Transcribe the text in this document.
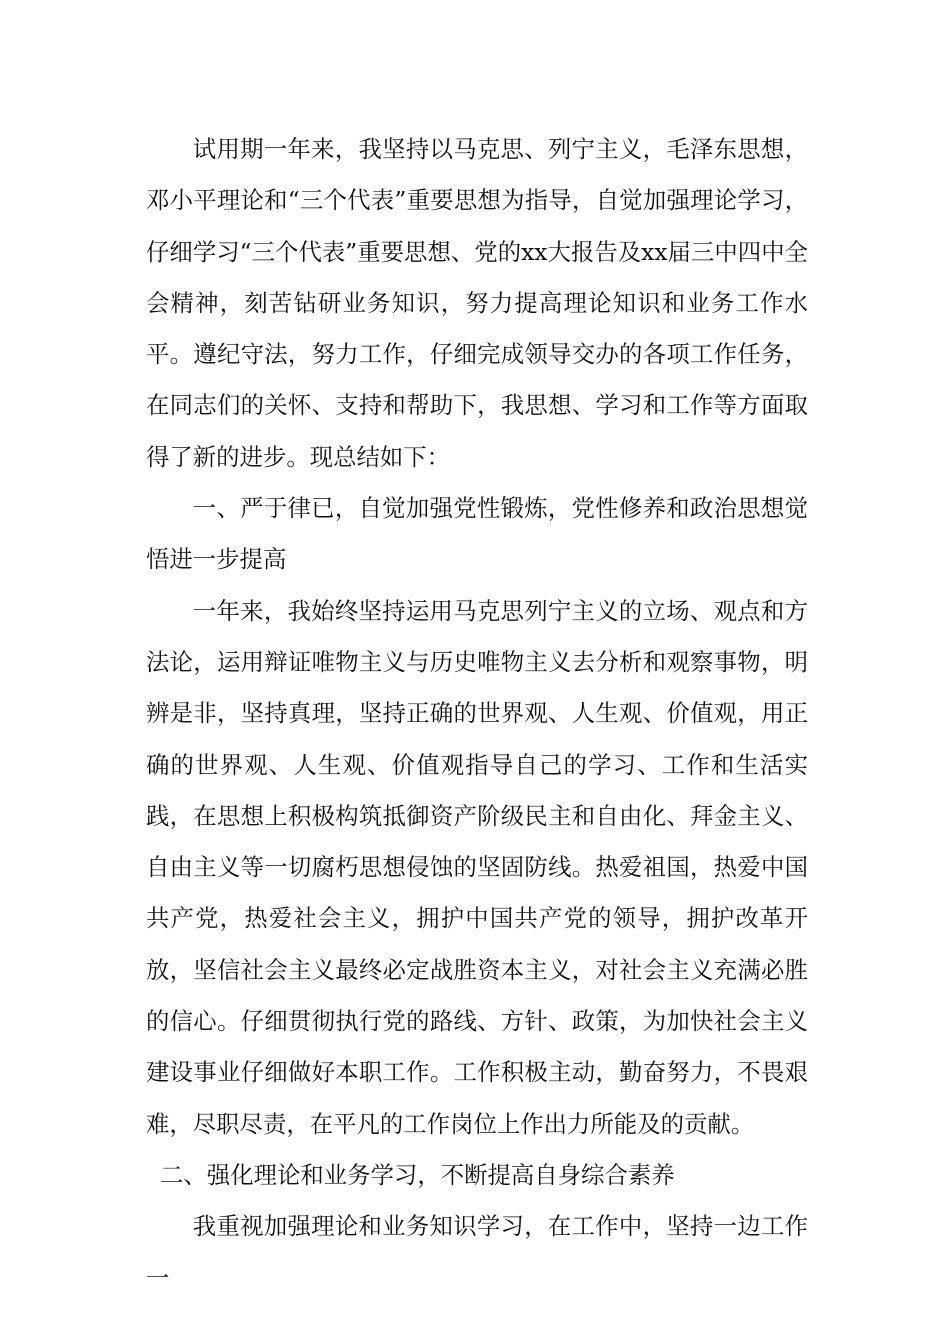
试用期一年来，我坚持以马克思、列宁主义，毛泽东思想，邓小平理论和“三个代表”重要思想为指导，自觉加强理论学习，仔细学习“三个代表”重要思想、党的xx大报告及xx届三中四中全会精神，刻苦钻研业务知识，努力提高理论知识和业务工作水平。遵纪守法，努力工作，仔细完成领导交办的各项工作任务，在同志们的关怀、支持和帮助下，我思想、学习和工作等方面取得了新的进步。现总结如下：

一、严于律已，自觉加强党性锻炼，党性修养和政治思想觉悟进一步提高

一年来，我始终坚持运用马克思列宁主义的立场、观点和方法论，运用辩证唯物主义与历史唯物主义去分析和观察事物，明辨是非，坚持真理，坚持正确的世界观、人生观、价值观，用正确的世界观、人生观、价值观指导自己的学习、工作和生活实践，在思想上积极构筑抵御资产阶级民主和自由化、拜金主义、自由主义等一切腐朽思想侵蚀的坚固防线。热爱祖国，热爱中国共产党，热爱社会主义，拥护中国共产党的领导，拥护改革开放，坚信社会主义最终必定战胜资本主义，对社会主义充满必胜的信心。仔细贯彻执行党的路线、方针、政策，为加快社会主义建设事业仔细做好本职工作。工作积极主动，勤奋努力，不畏艰难，尽职尽责，在平凡的工作岗位上作出力所能及的贡献。

二、强化理论和业务学习，不断提高自身综合素养

我重视加强理论和业务知识学习，在工作中，坚持一边工作一
